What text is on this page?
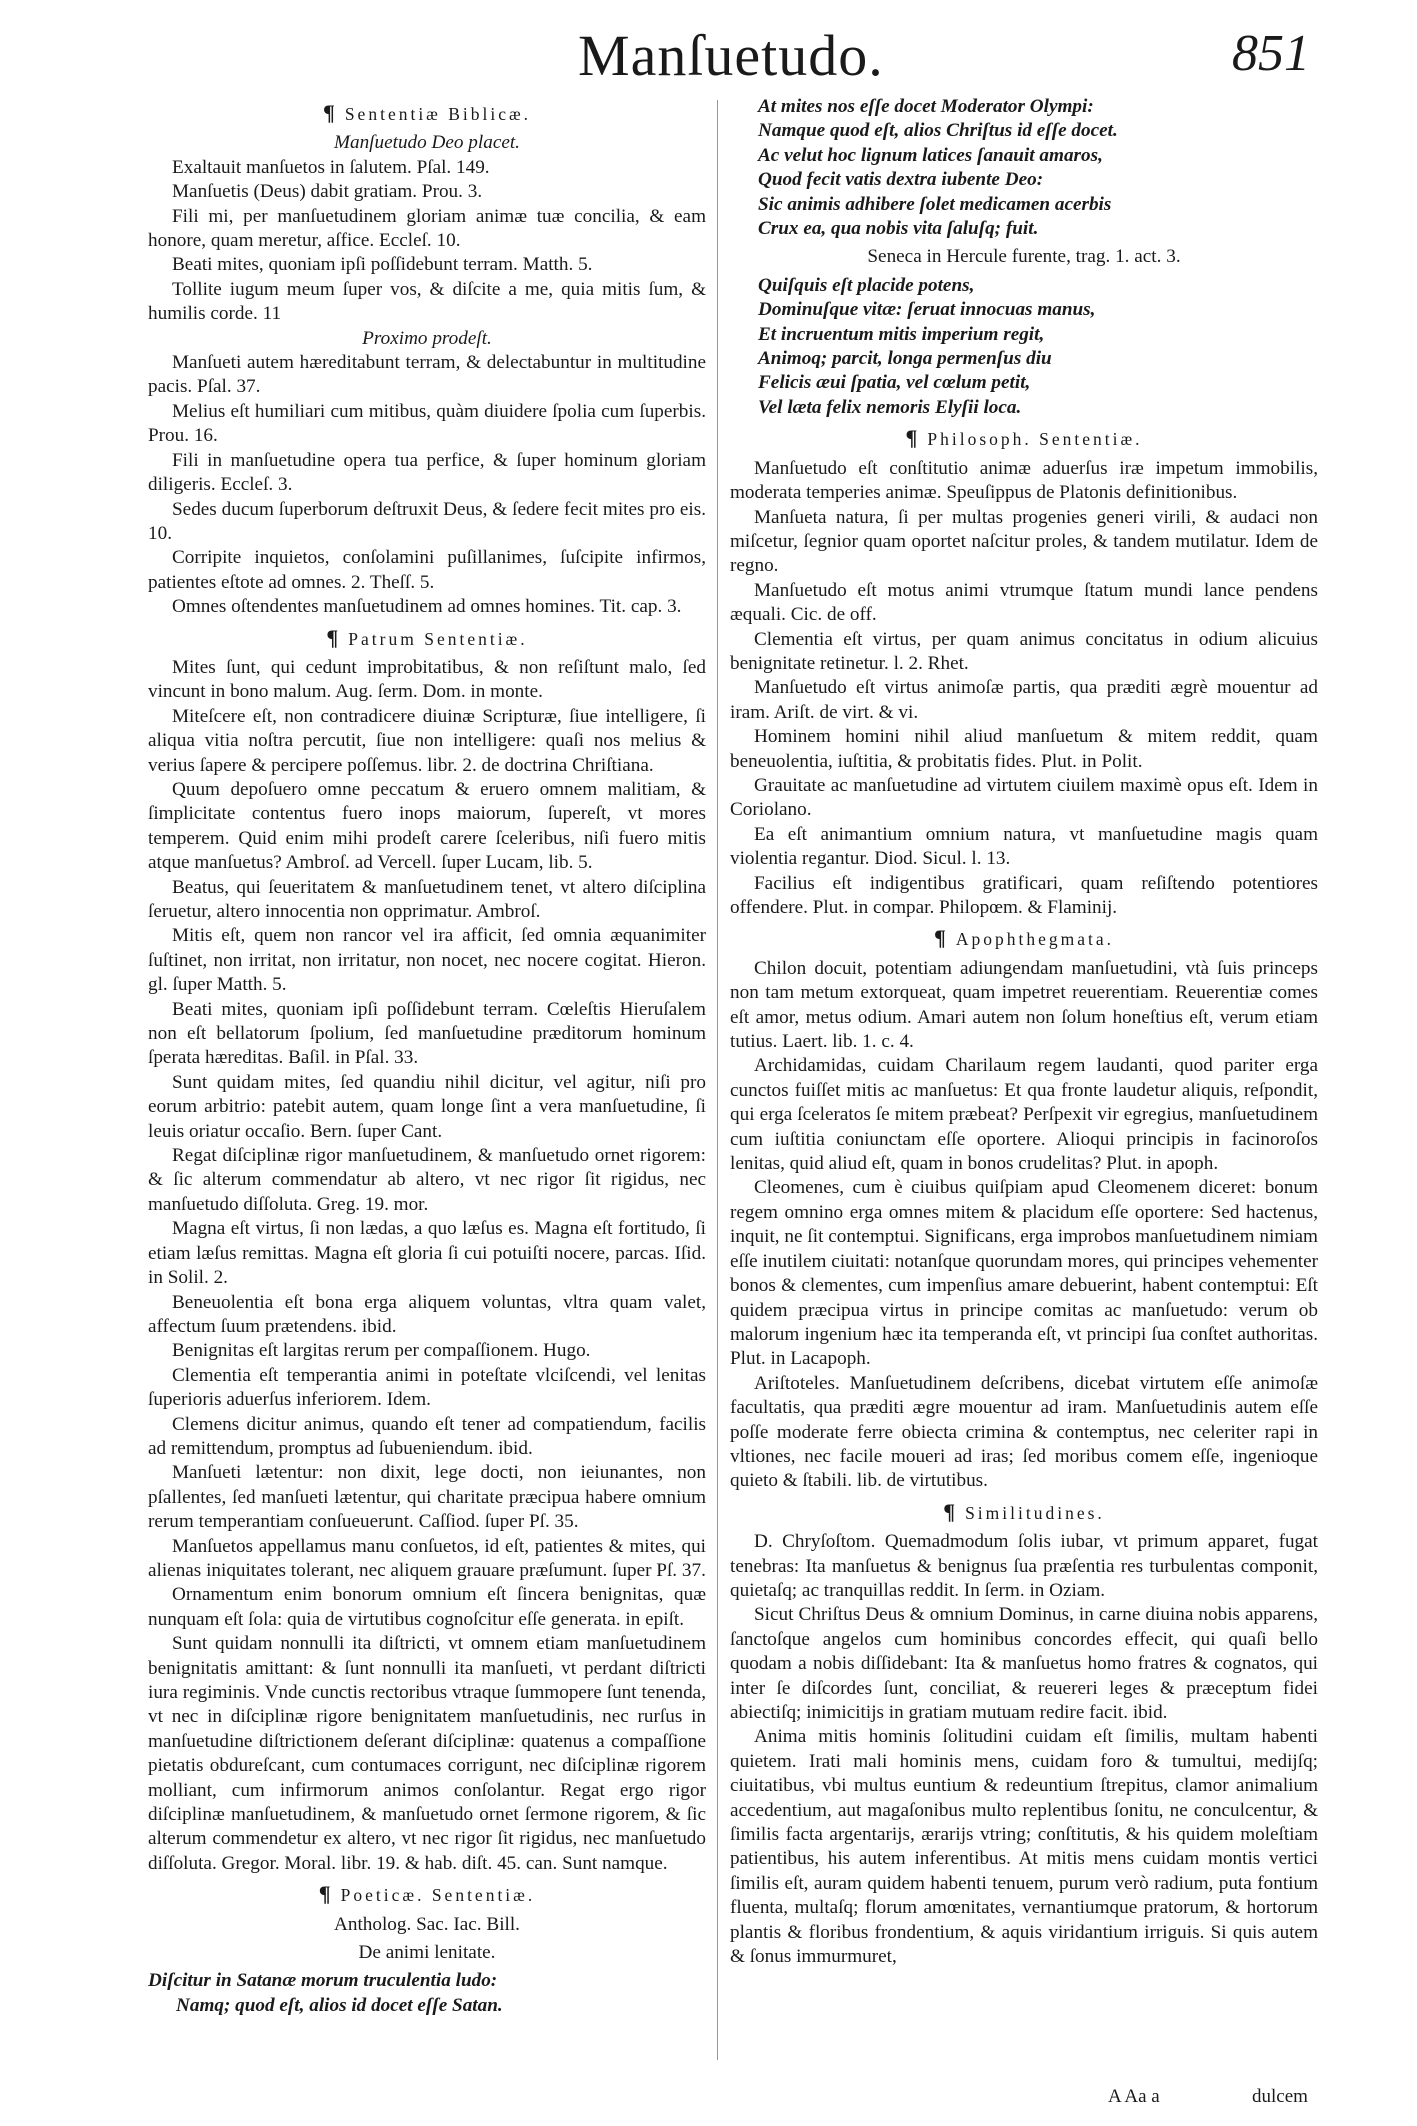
Manſuetudo.	851
¶ Sententiæ Biblicæ.
Manſuetudo Deo placet.

Exaltauit manſuetos in ſalutem. Pſal. 149.

Manſuetis (Deus) dabit gratiam. Prou. 3.

Fili mi, per manſuetudinem gloriam animæ tuæ concilia, & eam honore, quam meretur, aſfice. Eccleſ. 10.

Beati mites, quoniam ipſi poſſidebunt terram. Matth. 5.

Tollite iugum meum ſuper vos, & diſcite a me, quia mitis ſum, & humilis corde. 11

Proximo prodeſt.

Manſueti autem hæreditabunt terram, & delectabuntur in multitudine pacis. Pſal. 37.

Melius eſt humiliari cum mitibus, quàm diuidere ſpolia cum ſuperbis. Prou. 16.

Fili in manſuetudine opera tua perfice, & ſuper hominum gloriam diligeris. Eccleſ. 3.

Sedes ducum ſuperborum deſtruxit Deus, & ſedere fecit mites pro eis. 10.

Corripite inquietos, conſolamini puſillanimes, ſuſcipite infirmos, patientes eſtote ad omnes. 2. Theſſ. 5.

Omnes oſtendentes manſuetudinem ad omnes homines. Tit. cap. 3.

¶ Patrum Sententiæ.

Mites ſunt, qui cedunt improbitatibus, & non reſiſtunt malo, ſed vincunt in bono malum. Aug. ſerm. Dom. in monte.

Miteſcere eſt, non contradicere diuinæ Scripturæ, ſiue intelligere, ſi aliqua vitia noſtra percutit, ſiue non intelligere: quaſi nos melius & verius ſapere & percipere poſſemus. libr. 2. de doctrina Chriſtiana.

Quum depoſuero omne peccatum & eruero omnem malitiam, & ſimplicitate contentus fuero inops maiorum, ſupereſt, vt mores temperem. Quid enim mihi prodeſt carere ſceleribus, niſi fuero mitis atque manſuetus? Ambroſ. ad Vercell. ſuper Lucam, lib. 5.

Beatus, qui ſeueritatem & manſuetudinem tenet, vt altero diſciplina ſeruetur, altero innocentia non opprimatur. Ambroſ.

Mitis eſt, quem non rancor vel ira afficit, ſed omnia æquanimiter ſuſtinet, non irritat, non irritatur, non nocet, nec nocere cogitat. Hieron. gl. ſuper Matth. 5.

Beati mites, quoniam ipſi poſſidebunt terram. Cœleſtis Hieruſalem non eſt bellatorum ſpolium, ſed manſuetudine præditorum hominum ſperata hæreditas. Baſil. in Pſal. 33.

Sunt quidam mites, ſed quandiu nihil dicitur, vel agitur, niſi pro eorum arbitrio: patebit autem, quam longe ſint a vera manſuetudine, ſi leuis oriatur occaſio. Bern. ſuper Cant.

Regat diſciplinæ rigor manſuetudinem, & manſuetudo ornet rigorem: & ſic alterum commendatur ab altero, vt nec rigor ſit rigidus, nec manſuetudo diſſoluta. Greg. 19. mor.

Magna eſt virtus, ſi non lædas, a quo læſus es. Magna eſt fortitudo, ſi etiam læſus remittas. Magna eſt gloria ſi cui potuiſti nocere, parcas. Iſid. in Solil. 2.

Beneuolentia eſt bona erga aliquem voluntas, vltra quam valet, affectum ſuum prætendens. ibid.

Benignitas eſt largitas rerum per compaſſionem. Hugo.

Clementia eſt temperantia animi in poteſtate vlciſcendi, vel lenitas ſuperioris aduerſus inferiorem. Idem.

Clemens dicitur animus, quando eſt tener ad compatiendum, facilis ad remittendum, promptus ad ſubueniendum. ibid.

Manſueti lætentur: non dixit, lege docti, non ieiunantes, non pſallentes, ſed manſueti lætentur, qui charitate præcipua habere omnium rerum temperantiam conſueuerunt. Caſſiod. ſuper Pſ. 35.

Manſuetos appellamus manu conſuetos, id eſt, patientes & mites, qui alienas iniquitates tolerant, nec aliquem grauare præſumunt. ſuper Pſ. 37.

Ornamentum enim bonorum omnium eſt ſincera benignitas, quæ nunquam eſt ſola: quia de virtutibus cognoſcitur eſſe generata. in epiſt.

Sunt quidam nonnulli ita diſtricti, vt omnem etiam manſuetudinem benignitatis amittant: & ſunt nonnulli ita manſueti, vt perdant diſtricti iura regiminis. Vnde cunctis rectoribus vtraque ſummopere ſunt tenenda, vt nec in diſciplinæ rigore benignitatem manſuetudinis, nec rurſus in manſuetudine diſtrictionem deſerant diſciplinæ: quatenus a compaſſione pietatis obdureſcant, cum contumaces corrigunt, nec diſciplinæ rigorem molliant, cum infirmorum animos conſolantur. Regat ergo rigor diſciplinæ manſuetudinem, & manſuetudo ornet ſermone rigorem, & ſic alterum commendetur ex altero, vt nec rigor ſit rigidus, nec manſuetudo diſſoluta. Gregor. Moral. libr. 19. & hab. diſt. 45. can. Sunt namque.

¶ Poeticæ. Sententiæ.
Antholog. Sac. Iac. Bill.
De animi lenitate.

Diſcitur in Satanæ morum truculentia ludo:

Namq; quod eſt, alios id docet eſſe Satan.

At mites nos eſſe docet Moderator Olympi:

Namque quod eſt, alios Chriſtus id eſſe docet.

Ac velut hoc lignum latices ſanauit amaros,

Quod fecit vatis dextra iubente Deo:

Sic animis adhibere ſolet medicamen acerbis

Crux ea, qua nobis vita ſaluſq; fuit.

Seneca in Hercule furente, trag. 1. act. 3.

Quiſquis eſt placide potens,

Dominuſque vitæ: ſeruat innocuas manus,

Et incruentum mitis imperium regit,

Animoq; parcit, longa permenſus diu

Felicis æui ſpatia, vel cœlum petit,

Vel læta felix nemoris Elyſii loca.

¶ Philosoph. Sententiæ.

Manſuetudo eſt conſtitutio animæ aduerſus iræ impetum immobilis, moderata temperies animæ. Speuſippus de Platonis definitionibus.

Manſueta natura, ſi per multas progenies generi virili, & audaci non miſcetur, ſegnior quam oportet naſcitur proles, & tandem mutilatur. Idem de regno.

Manſuetudo eſt motus animi vtrumque ſtatum mundi lance pendens æquali. Cic. de off.

Clementia eſt virtus, per quam animus concitatus in odium alicuius benignitate retinetur. l. 2. Rhet.

Manſuetudo eſt virtus animoſæ partis, qua præditi ægrè mouentur ad iram. Ariſt. de virt. & vi.

Hominem homini nihil aliud manſuetum & mitem reddit, quam beneuolentia, iuſtitia, & probitatis fides. Plut. in Polit.

Grauitate ac manſuetudine ad virtutem ciuilem maximè opus eſt. Idem in Coriolano.

Ea eſt animantium omnium natura, vt manſuetudine magis quam violentia regantur. Diod. Sicul. l. 13.

Facilius eſt indigentibus gratificari, quam reſiſtendo potentiores offendere. Plut. in compar. Philopœm. & Flaminij.

¶ Apophthegmata.

Chilon docuit, potentiam adiungendam manſuetudini, vtà ſuis princeps non tam metum extorqueat, quam impetret reuerentiam. Reuerentiæ comes eſt amor, metus odium. Amari autem non ſolum honeſtius eſt, verum etiam tutius. Laert. lib. 1. c. 4.

Archidamidas, cuidam Charilaum regem laudanti, quod pariter erga cunctos fuiſſet mitis ac manſuetus: Et qua fronte laudetur aliquis, reſpondit, qui erga ſceleratos ſe mitem præbeat? Perſpexit vir egregius, manſuetudinem cum iuſtitia coniunctam eſſe oportere. Alioqui principis in facinoroſos lenitas, quid aliud eſt, quam in bonos crudelitas? Plut. in apoph.

Cleomenes, cum è ciuibus quiſpiam apud Cleomenem diceret: bonum regem omnino erga omnes mitem & placidum eſſe oportere: Sed hactenus, inquit, ne ſit contemptui. Significans, erga improbos manſuetudinem nimiam eſſe inutilem ciuitati: notanſque quorundam mores, qui principes vehementer bonos & clementes, cum impenſius amare debuerint, habent contemptui: Eſt quidem præcipua virtus in principe comitas ac manſuetudo: verum ob malorum ingenium hæc ita temperanda eſt, vt principi ſua conſtet authoritas. Plut. in Lacapoph.

Ariſtoteles. Manſuetudinem deſcribens, dicebat virtutem eſſe animoſæ facultatis, qua præditi ægre mouentur ad iram. Manſuetudinis autem eſſe poſſe moderate ferre obiecta crimina & contemptus, nec celeriter rapi in vltiones, nec facile moueri ad iras; ſed moribus comem eſſe, ingenioque quieto & ſtabili. lib. de virtutibus.

¶ Similitudines.

D. Chryſoſtom. Quemadmodum ſolis iubar, vt primum apparet, fugat tenebras: Ita manſuetus & benignus ſua præſentia res turbulentas componit, quietaſq; ac tranquillas reddit. In ſerm. in Oziam.

Sicut Chriſtus Deus & omnium Dominus, in carne diuina nobis apparens, ſanctoſque angelos cum hominibus concordes effecit, qui quaſi bello quodam a nobis diſſidebant: Ita & manſuetus homo fratres & cognatos, qui inter ſe diſcordes ſunt, conciliat, & reuereri leges & præceptum fidei abiectiſq; inimicitijs in gratiam mutuam redire facit. ibid.

Anima mitis hominis ſolitudini cuidam eſt ſimilis, multam habenti quietem. Irati mali hominis mens, cuidam foro & tumultui, medijſq; ciuitatibus, vbi multus euntium & redeuntium ſtrepitus, clamor animalium accedentium, aut magaſonibus multo replentibus ſonitu, ne conculcentur, & ſimilis facta argentarijs, ærarijs vtring; conſtitutis, & his quidem moleſtiam patientibus, his autem inferentibus. At mitis mens cuidam montis vertici ſimilis eſt, auram quidem habenti tenuem, purum verò radium, puta fontium fluenta, multaſq; florum amœnitates, vernantiumque pratorum, & hortorum plantis & floribus frondentium, & aquis viridantium irriguis. Si quis autem & ſonus immurmuret,

A Aa a	dulcem
